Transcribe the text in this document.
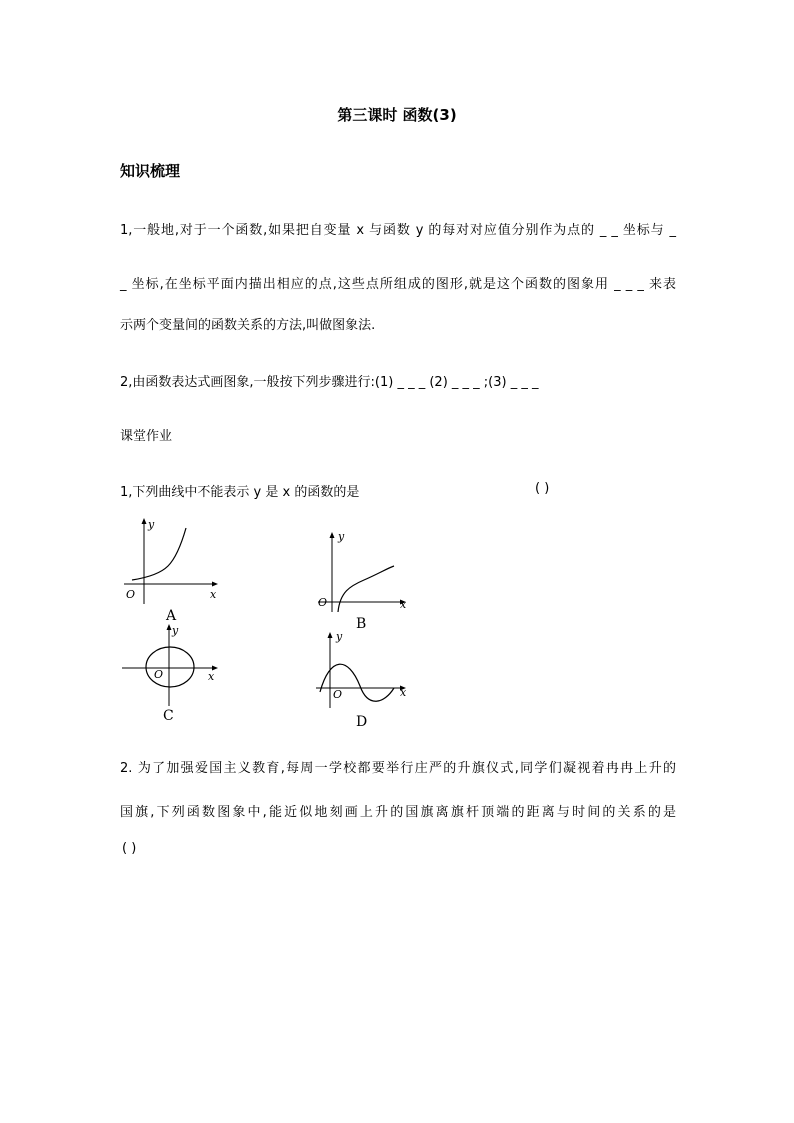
第三课时 函数(3)
知识梳理
1,一般地,对于一个函数,如果把自变量 x 与函数 y 的每对对应值分别作为点的 _ _ 坐标与 _
_ 坐标,在坐标平面内描出相应的点,这些点所组成的图形,就是这个函数的图象用 _ _ _ 来表
示两个变量间的函数关系的方法,叫做图象法.
2,由函数表达式画图象,一般按下列步骤进行:(1) _ _ _ (2) _ _ _ ;(3) _ _ _
课堂作业
1,下列曲线中不能表示 y 是 x 的函数的是	( )
y
x
O
A
y
x
O
B
y
x
O
C
y
x
O
D
2. 为了加强爱国主义教育,每周一学校都要举行庄严的升旗仪式,同学们凝视着冉冉上升的
国旗,下列函数图象中,能近似地刻画上升的国旗离旗杆顶端的距离与时间的关系的是
( )
